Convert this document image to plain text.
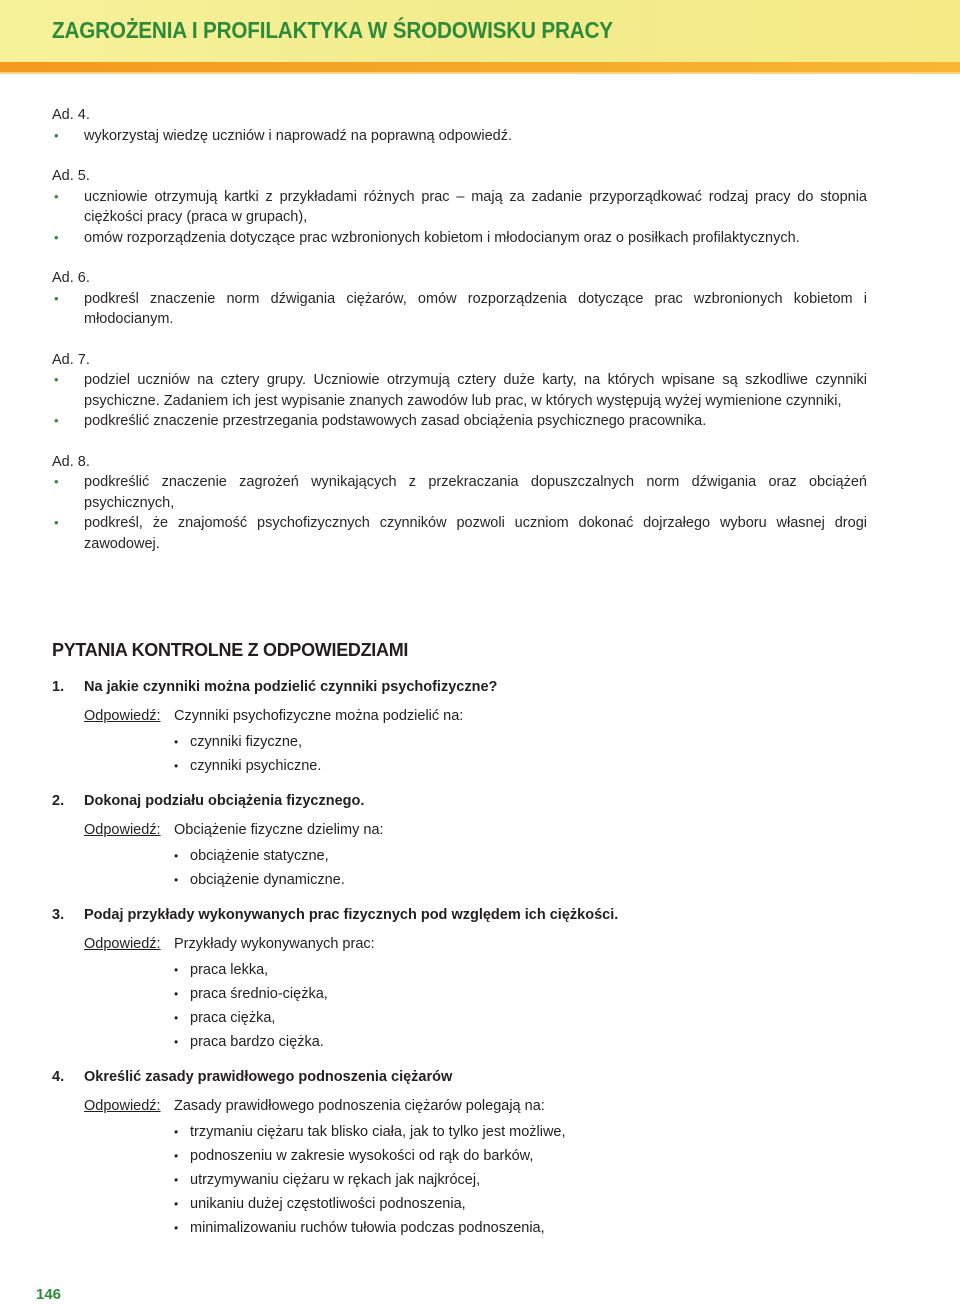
ZAGROŻENIA I PROFILAKTYKA W ŚRODOWISKU PRACY

Ad. 4.

• wykorzystaj wiedzę uczniów i naprowadź na poprawną odpowiedź.

Ad. 5.

• uczniowie otrzymują kartki z przykładami różnych prac – mają za zadanie przyporządkować rodzaj pracy do stopnia ciężkości pracy (praca w grupach),
• omów rozporządzenia dotyczące prac wzbronionych kobietom i młodocianym oraz o posiłkach profilaktycznych.

Ad. 6.

• podkreśl znaczenie norm dźwigania ciężarów, omów rozporządzenia dotyczące prac wzbronionych kobietom i młodocianym.

Ad. 7.

• podziel uczniów na cztery grupy. Uczniowie otrzymują cztery duże karty, na których wpisane są szkodliwe czynniki psychiczne. Zadaniem ich jest wypisanie znanych zawodów lub prac, w których występują wyżej wymienione czynniki,
• podkreślić znaczenie przestrzegania podstawowych zasad obciążenia psychicznego pracownika.

Ad. 8.

• podkreślić znaczenie zagrożeń wynikających z przekraczania dopuszczalnych norm dźwigania oraz obciążeń psychicznych,
• podkreśl, że znajomość psychofizycznych czynników pozwoli uczniom dokonać dojrzałego wyboru własnej drogi zawodowej.
PYTANIA KONTROLNE Z ODPOWIEDZIAMI

1.	Na jakie czynniki można podzielić czynniki psychofizyczne?

Odpowiedź: Czynniki psychofizyczne można podzielić na:
• czynniki fizyczne,
• czynniki psychiczne.

2.	Dokonaj podziału obciążenia fizycznego.

Odpowiedź: Obciążenie fizyczne dzielimy na:
• obciążenie statyczne,
• obciążenie dynamiczne.

3.	Podaj przykłady wykonywanych prac fizycznych pod względem ich ciężkości.

Odpowiedź: Przykłady wykonywanych prac:
• praca lekka,
• praca średnio-ciężka,
• praca ciężka,
• praca bardzo ciężka.

4.	Określić zasady prawidłowego podnoszenia ciężarów

Odpowiedź: Zasady prawidłowego podnoszenia ciężarów polegają na:
• trzymaniu ciężaru tak blisko ciała, jak to tylko jest możliwe,
• podnoszeniu w zakresie wysokości od rąk do barków,
• utrzymywaniu ciężaru w rękach jak najkrócej,
• unikaniu dużej częstotliwości podnoszenia,
• minimalizowaniu ruchów tułowia podczas podnoszenia,

146
